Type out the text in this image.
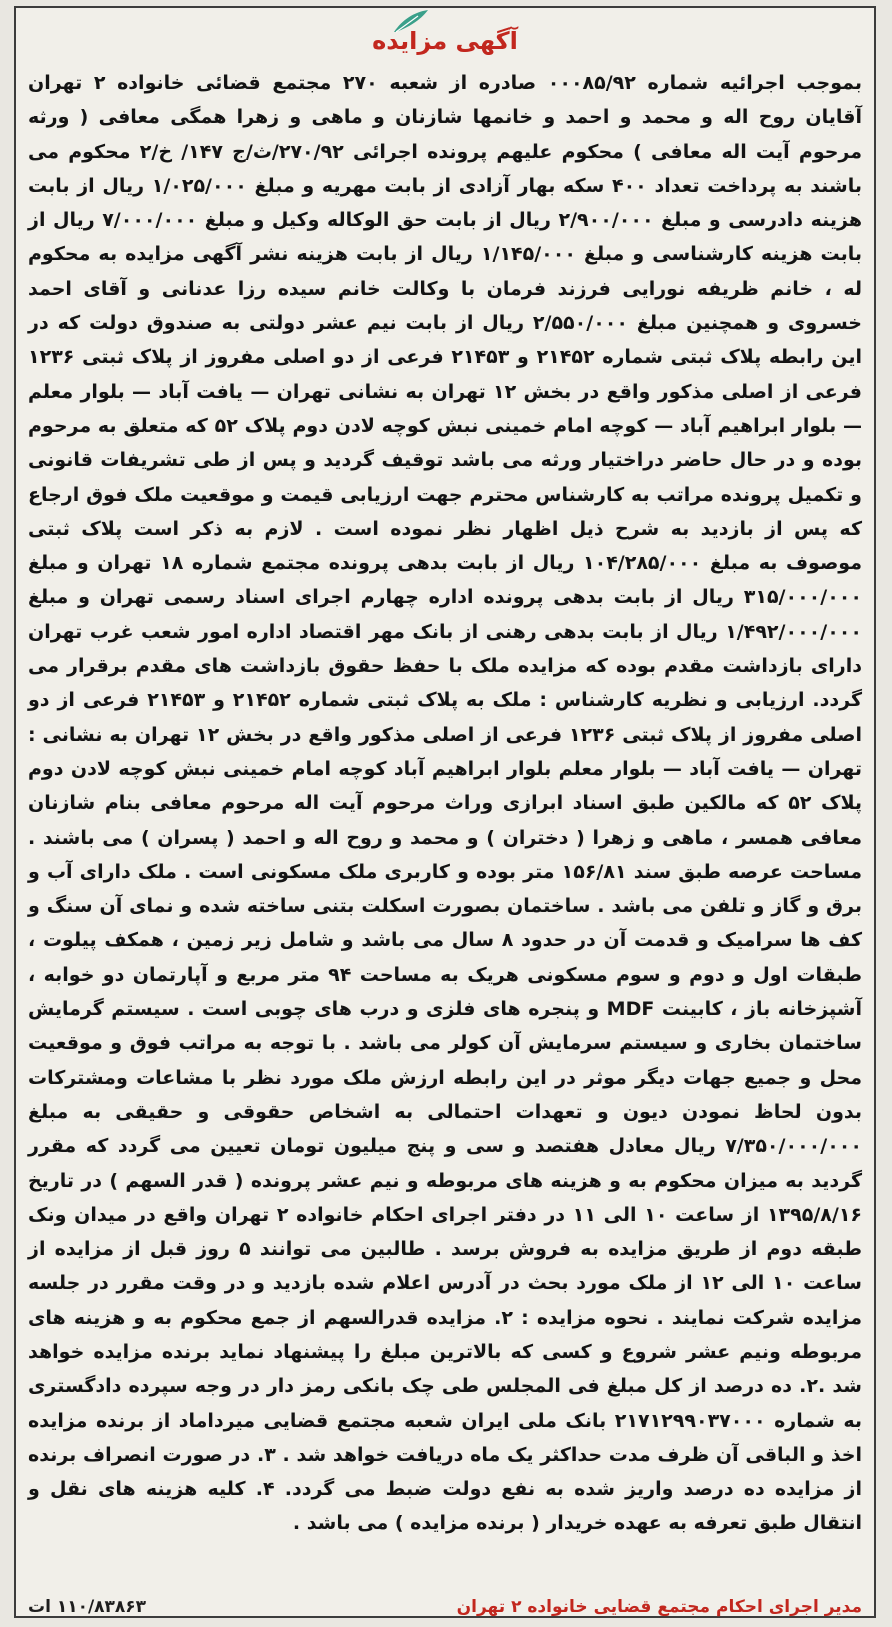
آگهی مزایده

بموجب اجرائیه شماره ۰۰۰۸۵/۹۲ صادره از شعبه ۲۷۰ مجتمع قضائی خانواده ۲ تهران آقایان روح اله و محمد و احمد و خانمها شازنان و ماهی و زهرا همگی معافی ( ورثه مرحوم آیت اله معافی ) محکوم علیهم پرونده اجرائی ۲۷۰/۹۲/ث/ج ۱۴۷/ خ/۲ محکوم می باشند به پرداخت تعداد ۴۰۰ سکه بهار آزادی از بابت مهریه و مبلغ ۱/۰۲۵/۰۰۰ ریال از بابت هزینه دادرسی و مبلغ ۲/۹۰۰/۰۰۰ ریال از بابت حق الوکاله وکیل و مبلغ ۷/۰۰۰/۰۰۰ ریال از بابت هزینه کارشناسی و مبلغ ۱/۱۴۵/۰۰۰ ریال از بابت هزینه نشر آگهی مزایده به محکوم له ، خانم ظریفه نورایی فرزند فرمان با وکالت خانم سیده رزا عدنانی و آقای احمد خسروی و همچنین مبلغ ۲/۵۵۰/۰۰۰ ریال از بابت نیم عشر دولتی به صندوق دولت که در این رابطه پلاک ثبتی شماره ۲۱۴۵۲ و ۲۱۴۵۳ فرعی از دو اصلی مفروز از پلاک ثبتی ۱۲۳۶ فرعی از اصلی مذکور واقع در بخش ۱۲ تهران به نشانی تهران — یافت آباد — بلوار معلم — بلوار ابراهیم آباد — کوچه امام خمینی نبش کوچه لادن دوم پلاک ۵۲ که متعلق به مرحوم بوده و در حال حاضر دراختیار ورثه می باشد توقیف گردید و پس از طی تشریفات قانونی و تکمیل پرونده مراتب به کارشناس محترم جهت ارزیابی قیمت و موقعیت ملک فوق ارجاع که پس از بازدید به شرح ذیل اظهار نظر نموده است . لازم به ذکر است پلاک ثبتی موصوف به مبلغ ۱۰۴/۲۸۵/۰۰۰ ریال از بابت بدهی پرونده مجتمع شماره ۱۸ تهران و مبلغ ۳۱۵/۰۰۰/۰۰۰ ریال از بابت بدهی پرونده اداره چهارم اجرای اسناد رسمی تهران و مبلغ ۱/۴۹۲/۰۰۰/۰۰۰ ریال از بابت بدهی رهنی از بانک مهر اقتصاد اداره امور شعب غرب تهران دارای بازداشت مقدم بوده که مزایده ملک با حفظ حقوق بازداشت های مقدم برقرار می گردد. ارزیابی و نظریه کارشناس : ملک به پلاک ثبتی شماره ۲۱۴۵۲ و ۲۱۴۵۳ فرعی از دو اصلی مفروز از پلاک ثبتی ۱۲۳۶ فرعی از اصلی مذکور واقع در بخش ۱۲ تهران به نشانی : تهران — یافت آباد — بلوار معلم بلوار ابراهیم آباد کوچه امام خمینی نبش کوچه لادن دوم پلاک ۵۲ که مالکین طبق اسناد ابرازی وراث مرحوم آیت اله مرحوم معافی بنام شازنان معافی همسر ، ماهی و زهرا ( دختران ) و محمد و روح اله و احمد ( پسران ) می باشند . مساحت عرصه طبق سند ۱۵۶/۸۱ متر بوده و کاربری ملک مسکونی است . ملک دارای آب و برق و گاز و تلفن می باشد . ساختمان بصورت اسکلت بتنی ساخته شده و نمای آن سنگ و کف ها سرامیک و قدمت آن در حدود ۸ سال می باشد و شامل زیر زمین ، همکف پیلوت ، طبقات اول و دوم و سوم مسکونی هریک به مساحت ۹۴ متر مربع و آپارتمان دو خوابه ، آشپزخانه باز ، کابینت MDF و پنجره های فلزی و درب های چوبی است . سیستم گرمایش ساختمان بخاری و سیستم سرمایش آن کولر می باشد . با توجه به مراتب فوق و موقعیت محل و جمیع جهات دیگر موثر در این رابطه ارزش ملک مورد نظر با مشاعات ومشترکات بدون لحاظ نمودن دیون و تعهدات احتمالی به اشخاص حقوقی و حقیقی به مبلغ ۷/۳۵۰/۰۰۰/۰۰۰ ریال معادل هفتصد و سی و پنج میلیون تومان تعیین می گردد که مقرر گردید به میزان محکوم به و هزینه های مربوطه و نیم عشر پرونده ( قدر السهم ) در تاریخ ۱۳۹۵/۸/۱۶ از ساعت ۱۰ الی ۱۱ در دفتر اجرای احکام خانواده ۲ تهران واقع در میدان ونک طبقه دوم از طریق مزایده به فروش برسد . طالبین می توانند ۵ روز قبل از مزایده از ساعت ۱۰ الی ۱۲ از ملک مورد بحث در آدرس اعلام شده بازدید و در وقت مقرر در جلسه مزایده شرکت نمایند . نحوه مزایده : ۲. مزایده قدرالسهم از جمع محکوم به و هزینه های مربوطه ونیم عشر شروع و کسی که بالاترین مبلغ را پیشنهاد نماید برنده مزایده خواهد شد .۲. ده درصد از کل مبلغ فی المجلس طی چک بانکی رمز دار در وجه سپرده دادگستری به شماره ۲۱۷۱۲۹۹۰۳۷۰۰۰ بانک ملی ایران شعبه مجتمع قضایی میرداماد از برنده مزایده اخذ و الباقی آن ظرف مدت حداکثر یک ماه دریافت خواهد شد . ۳. در صورت انصراف برنده از مزایده ده درصد واریز شده به نفع دولت ضبط می گردد. ۴. کلیه هزینه های نقل و انتقال طبق تعرفه به عهده خریدار ( برنده مزایده ) می باشد .

مدیر اجرای احکام مجتمع قضایی خانواده ۲ تهران
۱۱۰/۸۳۸۶۳ ات
